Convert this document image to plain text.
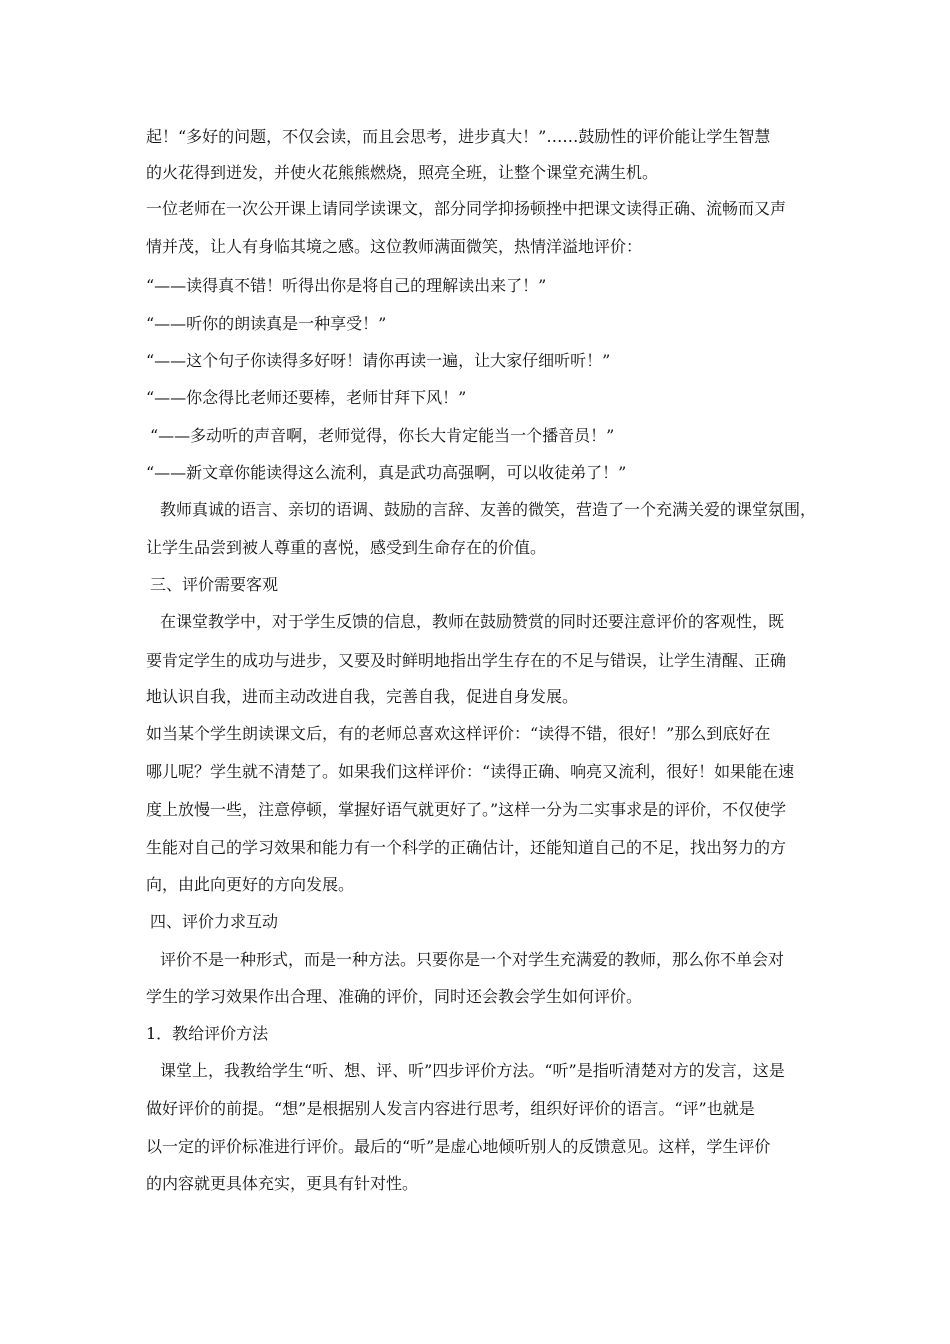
起！“多好的问题，不仅会读，而且会思考，进步真大！”……鼓励性的评价能让学生智慧
的火花得到迸发，并使火花熊熊燃烧，照亮全班，让整个课堂充满生机。
一位老师在一次公开课上请同学读课文，部分同学抑扬顿挫中把课文读得正确、流畅而又声
情并茂，让人有身临其境之感。这位教师满面微笑，热情洋溢地评价：
“——读得真不错！听得出你是将自己的理解读出来了！”
“——听你的朗读真是一种享受！”
“——这个句子你读得多好呀！请你再读一遍，让大家仔细听听！”
“——你念得比老师还要棒，老师甘拜下风！”
“——多动听的声音啊，老师觉得，你长大肯定能当一个播音员！”
“——新文章你能读得这么流利，真是武功高强啊，可以收徒弟了！”
教师真诚的语言、亲切的语调、鼓励的言辞、友善的微笑，营造了一个充满关爱的课堂氛围，
让学生品尝到被人尊重的喜悦，感受到生命存在的价值。
三、评价需要客观
在课堂教学中，对于学生反馈的信息，教师在鼓励赞赏的同时还要注意评价的客观性，既
要肯定学生的成功与进步，又要及时鲜明地指出学生存在的不足与错误，让学生清醒、正确
地认识自我，进而主动改进自我，完善自我，促进自身发展。
如当某个学生朗读课文后，有的老师总喜欢这样评价：“读得不错，很好！”那么到底好在
哪儿呢？学生就不清楚了。如果我们这样评价：“读得正确、响亮又流利，很好！如果能在速
度上放慢一些，注意停顿，掌握好语气就更好了。”这样一分为二实事求是的评价，不仅使学
生能对自己的学习效果和能力有一个科学的正确估计，还能知道自己的不足，找出努力的方
向，由此向更好的方向发展。
四、评价力求互动
评价不是一种形式，而是一种方法。只要你是一个对学生充满爱的教师，那么你不单会对
学生的学习效果作出合理、准确的评价，同时还会教会学生如何评价。
1．教给评价方法
课堂上，我教给学生“听、想、评、听”四步评价方法。“听”是指听清楚对方的发言，这是
做好评价的前提。“想”是根据别人发言内容进行思考，组织好评价的语言。“评”也就是
以一定的评价标准进行评价。最后的“听”是虚心地倾听别人的反馈意见。这样，学生评价
的内容就更具体充实，更具有针对性。
